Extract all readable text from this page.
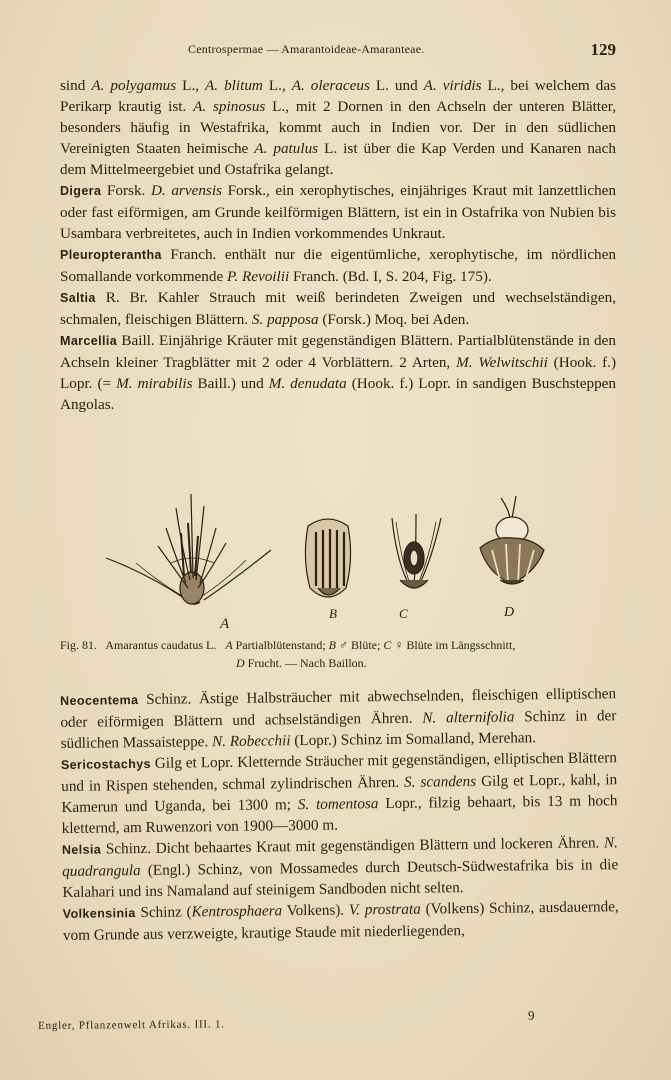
Centrospermae — Amarantoideae-Amaranteae.	129

sind A. polygamus L., A. blitum L., A. oleraceus L. und A. viridis L., bei welchem das Perikarp krautig ist. A. spinosus L., mit 2 Dornen in den Achseln der unteren Blätter, besonders häufig in Westafrika, kommt auch in Indien vor. Der in den südlichen Vereinigten Staaten heimische A. patulus L. ist über die Kap Verden und Kanaren nach dem Mittelmeergebiet und Ostafrika gelangt.

Digera Forsk. D. arvensis Forsk., ein xerophytisches, einjähriges Kraut mit lanzettlichen oder fast eiförmigen, am Grunde keilförmigen Blättern, ist ein in Ostafrika von Nubien bis Usambara verbreitetes, auch in Indien vorkommendes Unkraut.

Pleuropterantha Franch. enthält nur die eigentümliche, xerophytische, im nördlichen Somallande vorkommende P. Revoilii Franch. (Bd. I, S. 204, Fig. 175).

Saltia R. Br. Kahler Strauch mit weiß berindeten Zweigen und wechselständigen, schmalen, fleischigen Blättern. S. papposa (Forsk.) Moq. bei Aden.

Marcellia Baill. Einjährige Kräuter mit gegenständigen Blättern. Partialblütenstände in den Achseln kleiner Tragblätter mit 2 oder 4 Vorblättern. 2 Arten, M. Welwitschii (Hook. f.) Lopr. (= M. mirabilis Baill.) und M. denudata (Hook. f.) Lopr. in sandigen Buschsteppen Angolas.

A
B	C	D
Fig. 81. Amarantus caudatus L. A Partialblütenstand; B ♂ Blüte; C ♀ Blüte im Längsschnitt,
D Frucht. — Nach Baillon.

Neocentema Schinz. Ästige Halbsträucher mit abwechselnden, fleischigen elliptischen oder eiförmigen Blättern und achselständigen Ähren. N. alternifolia Schinz in der südlichen Massaisteppe. N. Robecchii (Lopr.) Schinz im Somalland, Merehan.

Sericostachys Gilg et Lopr. Kletternde Sträucher mit gegenständigen, elliptischen Blättern und in Rispen stehenden, schmal zylindrischen Ähren. S. scandens Gilg et Lopr., kahl, in Kamerun und Uganda, bei 1300 m; S. tomentosa Lopr., filzig behaart, bis 13 m hoch kletternd, am Ruwenzori von 1900—3000 m.

Nelsia Schinz. Dicht behaartes Kraut mit gegenständigen Blättern und lockeren Ähren. N. quadrangula (Engl.) Schinz, von Mossamedes durch Deutsch-Südwestafrika bis in die Kalahari und ins Namaland auf steinigem Sandboden nicht selten.

Volkensinia Schinz (Kentrosphaera Volkens). V. prostrata (Volkens) Schinz, ausdauernde, vom Grunde aus verzweigte, krautige Staude mit niederliegenden,

Engler, Pflanzenwelt Afrikas. III. 1.
9
